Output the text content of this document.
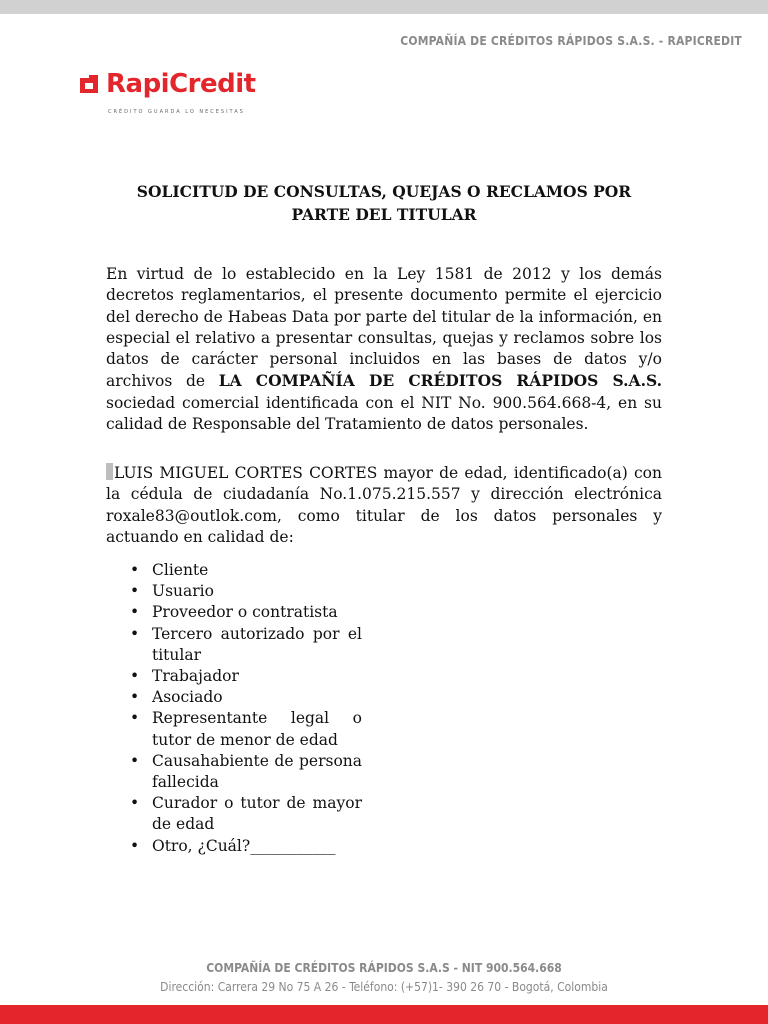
COMPAÑÍA DE CRÉDITOS RÁPIDOS S.A.S. - RAPICREDIT
RapiCredit
CRÉDITO GUARDA LO NECESITAS
SOLICITUD DE CONSULTAS, QUEJAS O RECLAMOS POR
PARTE DEL TITULAR
En virtud de lo establecido en la Ley 1581 de 2012 y los demás decretos reglamentarios, el presente documento permite el ejercicio del derecho de Habeas Data por parte del titular de la información, en especial el relativo a presentar consultas, quejas y reclamos sobre los datos de carácter personal incluidos en las bases de datos y/o archivos de LA COMPAÑÍA DE CRÉDITOS RÁPIDOS S.A.S. sociedad comercial identificada con el NIT No. 900.564.668-4, en su calidad de Responsable del Tratamiento de datos personales.
LUIS MIGUEL CORTES CORTES mayor de edad, identificado(a) con la cédula de ciudadanía No.1.075.215.557 y dirección electrónica roxale83@outlok.com, como titular de los datos personales y actuando en calidad de:
• Cliente
• Usuario
• Proveedor o contratista
• Tercero autorizado por el titular
• Trabajador
• Asociado
• Representante legal o tutor de menor de edad
• Causahabiente de persona fallecida
• Curador o tutor de mayor de edad
• Otro, ¿Cuál?___________
COMPAÑÍA DE CRÉDITOS RÁPIDOS S.A.S - NIT 900.564.668
Dirección: Carrera 29 No 75 A 26 - Teléfono: (+57)1- 390 26 70 - Bogotá, Colombia
